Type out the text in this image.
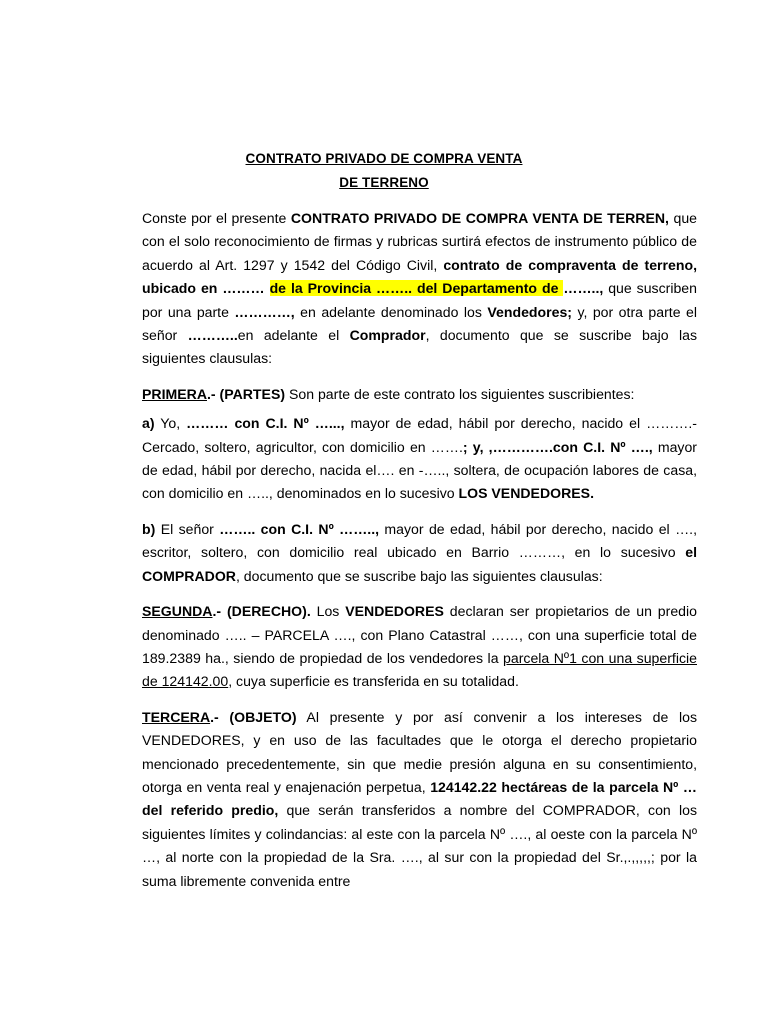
CONTRATO PRIVADO DE COMPRA VENTA
DE TERRENO

Conste por el presente CONTRATO PRIVADO DE COMPRA VENTA DE TERREN, que con el solo reconocimiento de firmas y rubricas surtirá efectos de instrumento público de acuerdo al Art. 1297 y 1542 del Código Civil, contrato de compraventa de terreno, ubicado en ……… de la Provincia …….. del Departamento de …….., que suscriben por una parte …………, en adelante denominado los Vendedores; y, por otra parte el señor ………..en adelante el Comprador, documento que se suscribe bajo las siguientes clausulas:

PRIMERA.- (PARTES) Son parte de este contrato los siguientes suscribientes:

a) Yo, ……… con C.I. Nº …..., mayor de edad, hábil por derecho, nacido el ……….- Cercado, soltero, agricultor, con domicilio en …….; y, ,………….con C.I. Nº …., mayor de edad, hábil por derecho, nacida el…. en -….., soltera, de ocupación labores de casa, con domicilio en ….., denominados en lo sucesivo LOS VENDEDORES.

b) El señor …….. con C.I. Nº …….., mayor de edad, hábil por derecho, nacido el …., escritor, soltero, con domicilio real ubicado en Barrio ………, en lo sucesivo el COMPRADOR, documento que se suscribe bajo las siguientes clausulas:

SEGUNDA.- (DERECHO). Los VENDEDORES declaran ser propietarios de un predio denominado ….. – PARCELA …., con Plano Catastral ……, con una superficie total de 189.2389 ha., siendo de propiedad de los vendedores la parcela Nº1 con una superficie de 124142.00, cuya superficie es transferida en su totalidad.

TERCERA.- (OBJETO) Al presente y por así convenir a los intereses de los VENDEDORES, y en uso de las facultades que le otorga el derecho propietario mencionado precedentemente, sin que medie presión alguna en su consentimiento, otorga en venta real y enajenación perpetua, 124142.22 hectáreas de la parcela Nº …del referido predio, que serán transferidos a nombre del COMPRADOR, con los siguientes límites y colindancias: al este con la parcela Nº …., al oeste con la parcela Nº …, al norte con la propiedad de la Sra. …., al sur con la propiedad del Sr.,.,,,,,; por la suma libremente convenida entre
